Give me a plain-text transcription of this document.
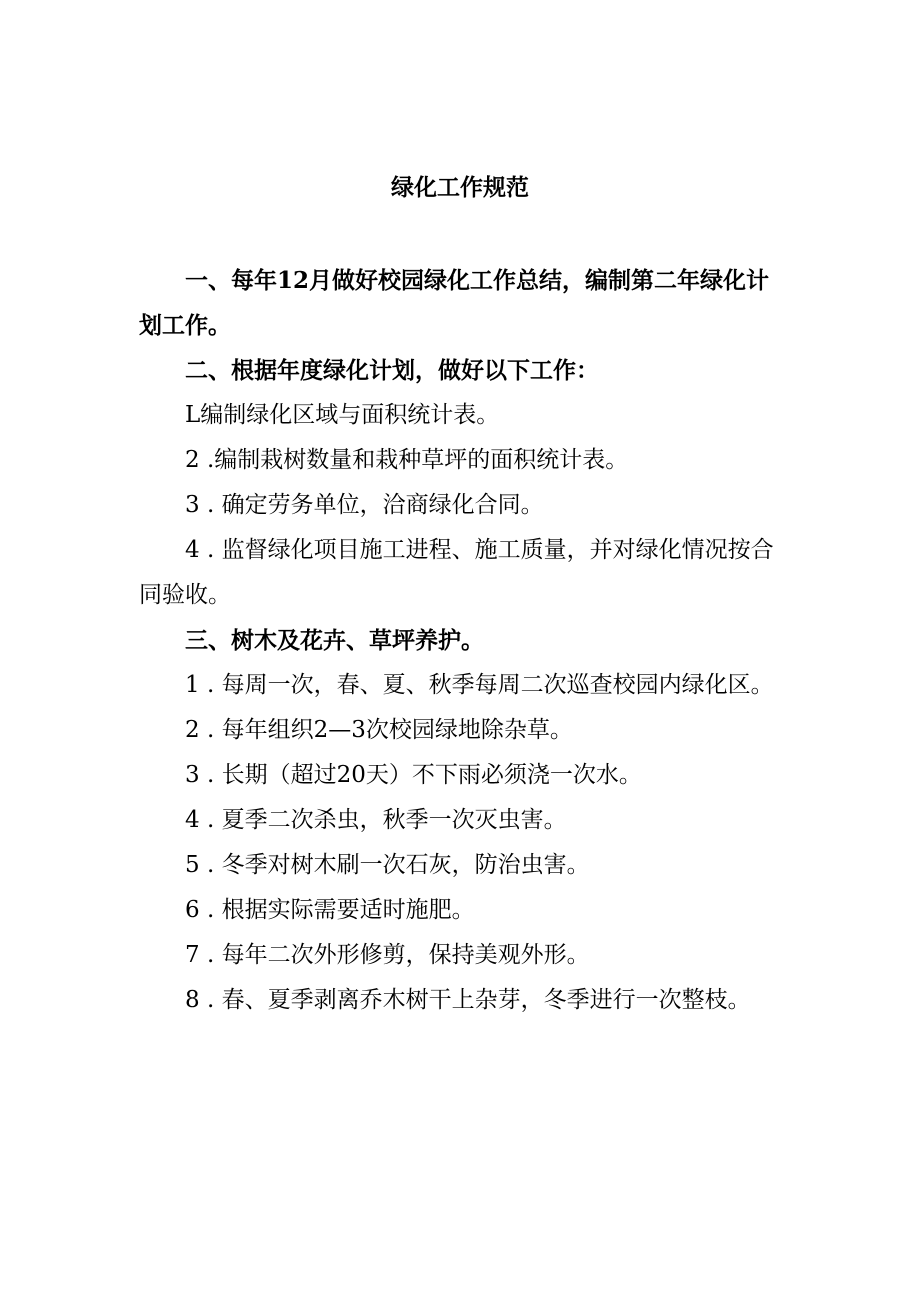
绿化工作规范

一、每年12月做好校园绿化工作总结，编制第二年绿化计划工作。

二、根据年度绿化计划，做好以下工作：

L编制绿化区域与面积统计表。

2 .编制栽树数量和栽种草坪的面积统计表。

3 . 确定劳务单位，洽商绿化合同。

4 . 监督绿化项目施工进程、施工质量，并对绿化情况按合同验收。

三、树木及花卉、草坪养护。

1 . 每周一次，春、夏、秋季每周二次巡查校园内绿化区。

2 . 每年组织2—3次校园绿地除杂草。

3 . 长期（超过20天）不下雨必须浇一次水。

4 . 夏季二次杀虫，秋季一次灭虫害。

5 . 冬季对树木刷一次石灰，防治虫害。

6 . 根据实际需要适时施肥。

7 . 每年二次外形修剪，保持美观外形。

8 . 春、夏季剥离乔木树干上杂芽，冬季进行一次整枝。
